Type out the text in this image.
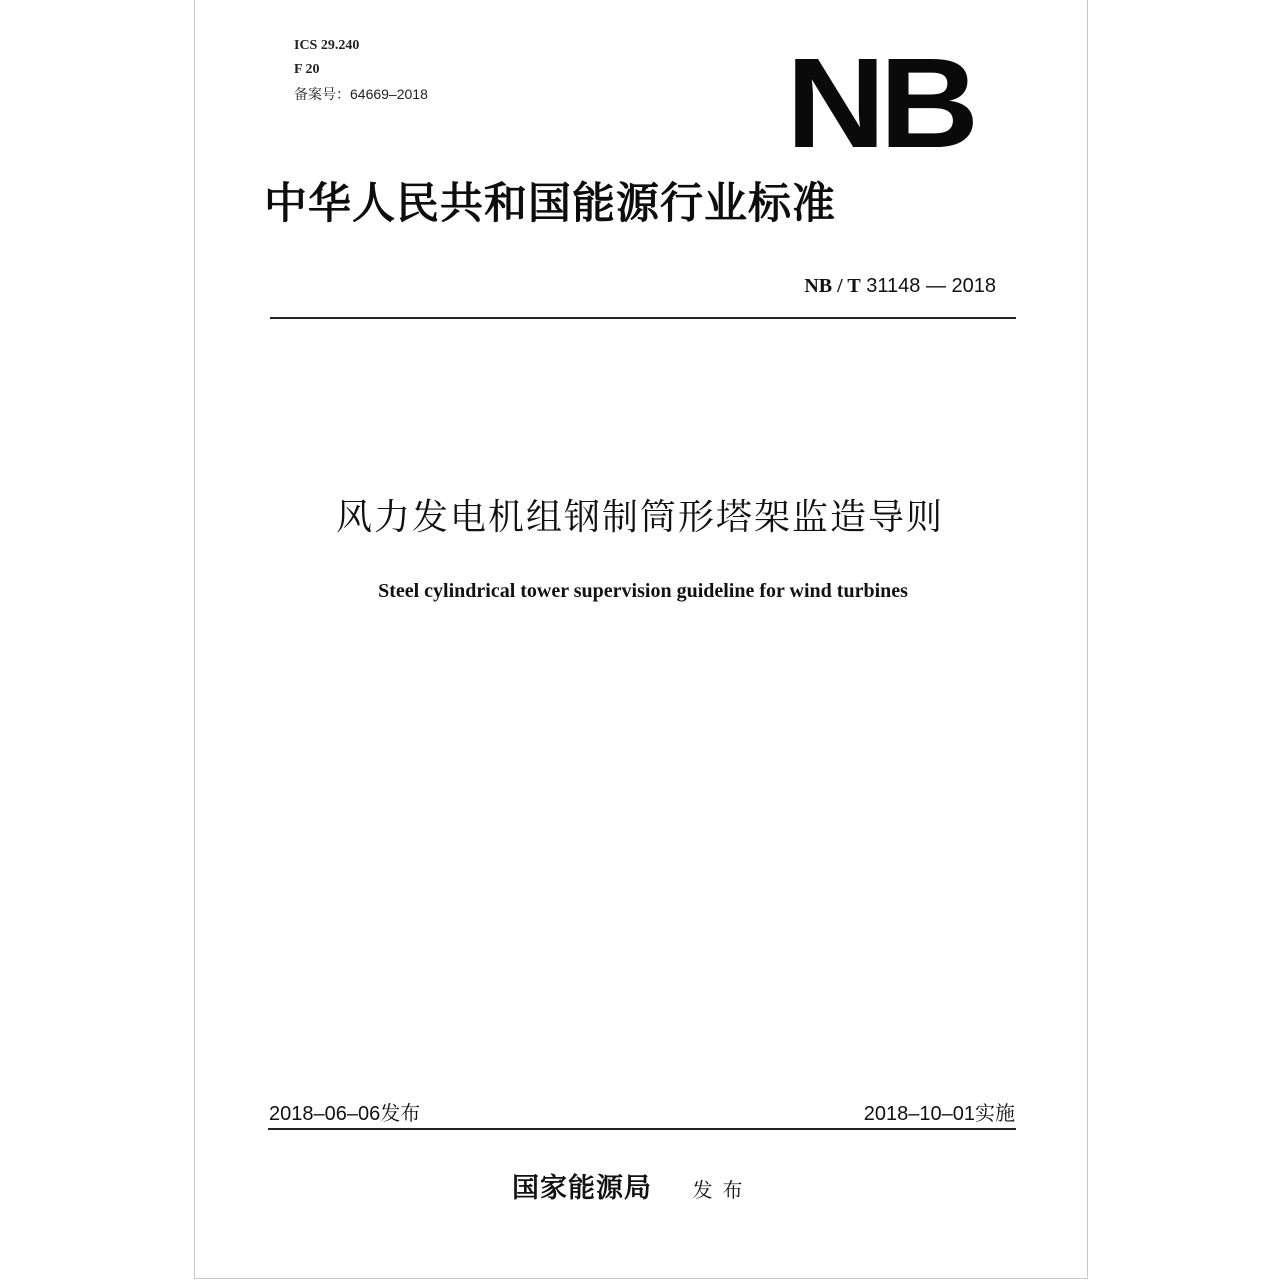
ICS 29.240
F 20
备案号：64669–2018	NB
中华人民共和国能源行业标准
NB / T 31148 — 2018
风力发电机组钢制筒形塔架监造导则
Steel cylindrical tower supervision guideline for wind turbines
2018–06–06发布	2018–10–01实施
国家能源局 发布
